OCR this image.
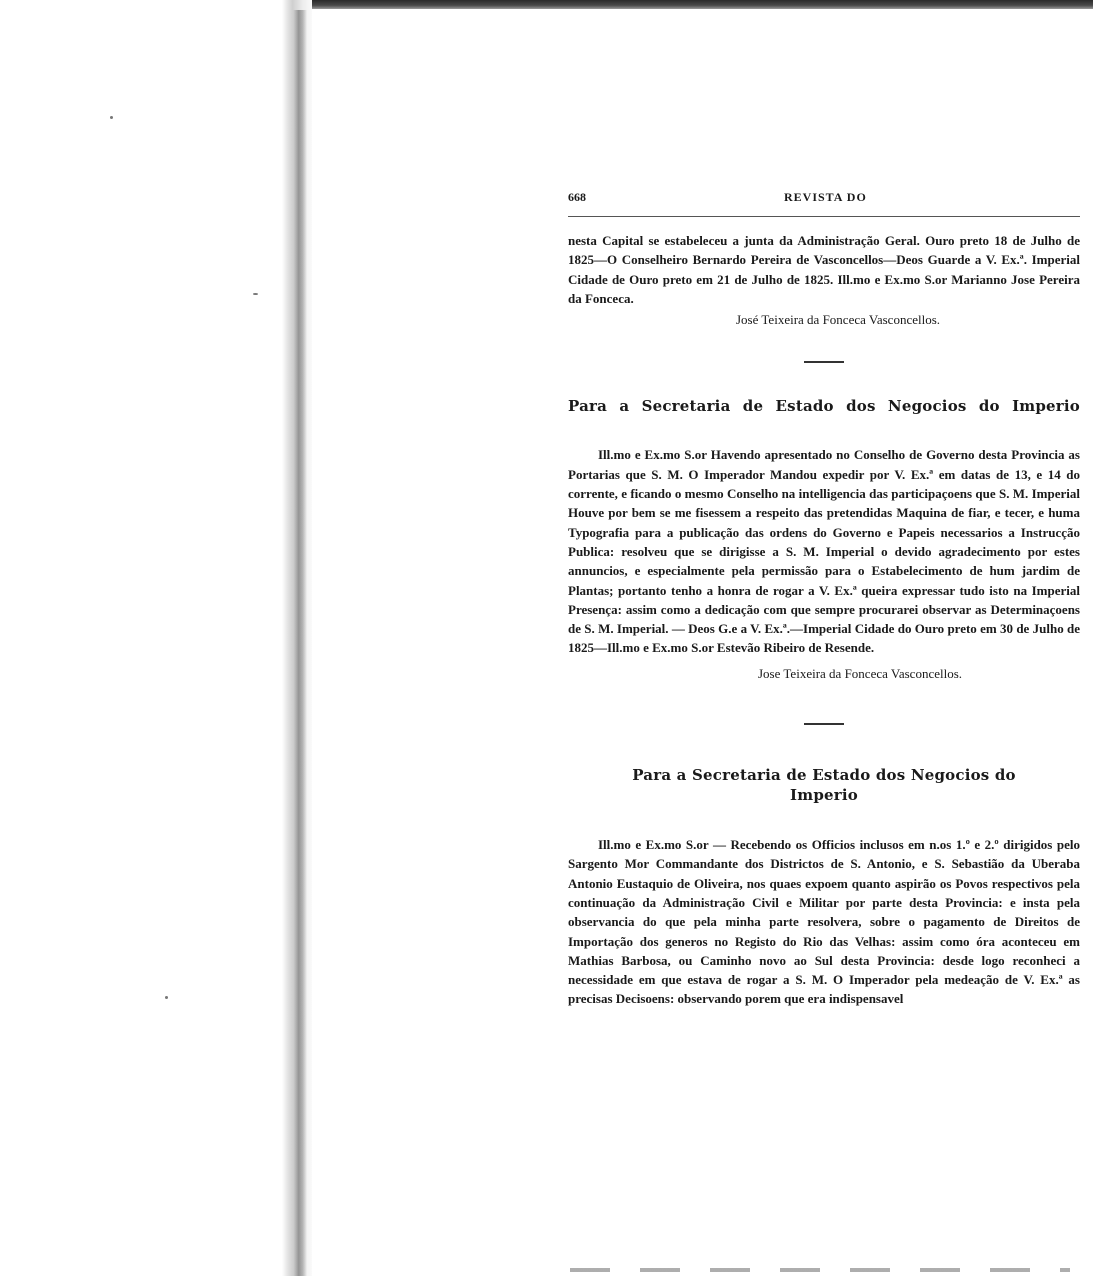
668	REVISTA DO

nesta Capital se estabeleceu a junta da Administração Geral. Ouro preto 18 de Julho de 1825—O Conselheiro Bernardo Pereira de Vasconcellos—Deos Guarde a V. Ex.ª. Imperial Cidade de Ouro preto em 21 de Julho de 1825. Ill.mo e Ex.mo S.or Marianno Jose Pereira da Fonceca.

José Teixeira da Fonceca Vasconcellos.
Para a Secretaria de Estado dos Negocios do Imperio

Ill.mo e Ex.mo S.or Havendo apresentado no Conselho de Governo desta Provincia as Portarias que S. M. O Imperador Mandou expedir por V. Ex.ª em datas de 13, e 14 do corrente, e ficando o mesmo Conselho na intelligencia das participaçoens que S. M. Imperial Houve por bem se me fisessem a respeito das pretendidas Maquina de fiar, e tecer, e huma Typografia para a publicação das ordens do Governo e Papeis necessarios a Instrucção Publica: resolveu que se dirigisse a S. M. Imperial o devido agradecimento por estes annuncios, e especialmente pela permissão para o Estabelecimento de hum jardim de Plantas; portanto tenho a honra de rogar a V. Ex.ª queira expressar tudo isto na Imperial Presença: assim como a dedicação com que sempre procurarei observar as Determinaçoens de S. M. Imperial. — Deos G.e a V. Ex.ª.—Imperial Cidade do Ouro preto em 30 de Julho de 1825—Ill.mo e Ex.mo S.or Estevão Ribeiro de Resende.

Jose Teixeira da Fonceca Vasconcellos.
Para a Secretaria de Estado dos Negocios do Imperio

Ill.mo e Ex.mo S.or — Recebendo os Officios inclusos em n.os 1.º e 2.º dirigidos pelo Sargento Mor Commandante dos Districtos de S. Antonio, e S. Sebastião da Uberaba Antonio Eustaquio de Oliveira, nos quaes expoem quanto aspirão os Povos respectivos pela continuação da Administração Civil e Militar por parte desta Provincia: e insta pela observancia do que pela minha parte resolvera, sobre o pagamento de Direitos de Importação dos generos no Registo do Rio das Velhas: assim como óra aconteceu em Mathias Barbosa, ou Caminho novo ao Sul desta Provincia: desde logo reconheci a necessidade em que estava de rogar a S. M. O Imperador pela medeação de V. Ex.ª as precisas Decisoens: observando porem que era indispensavel
